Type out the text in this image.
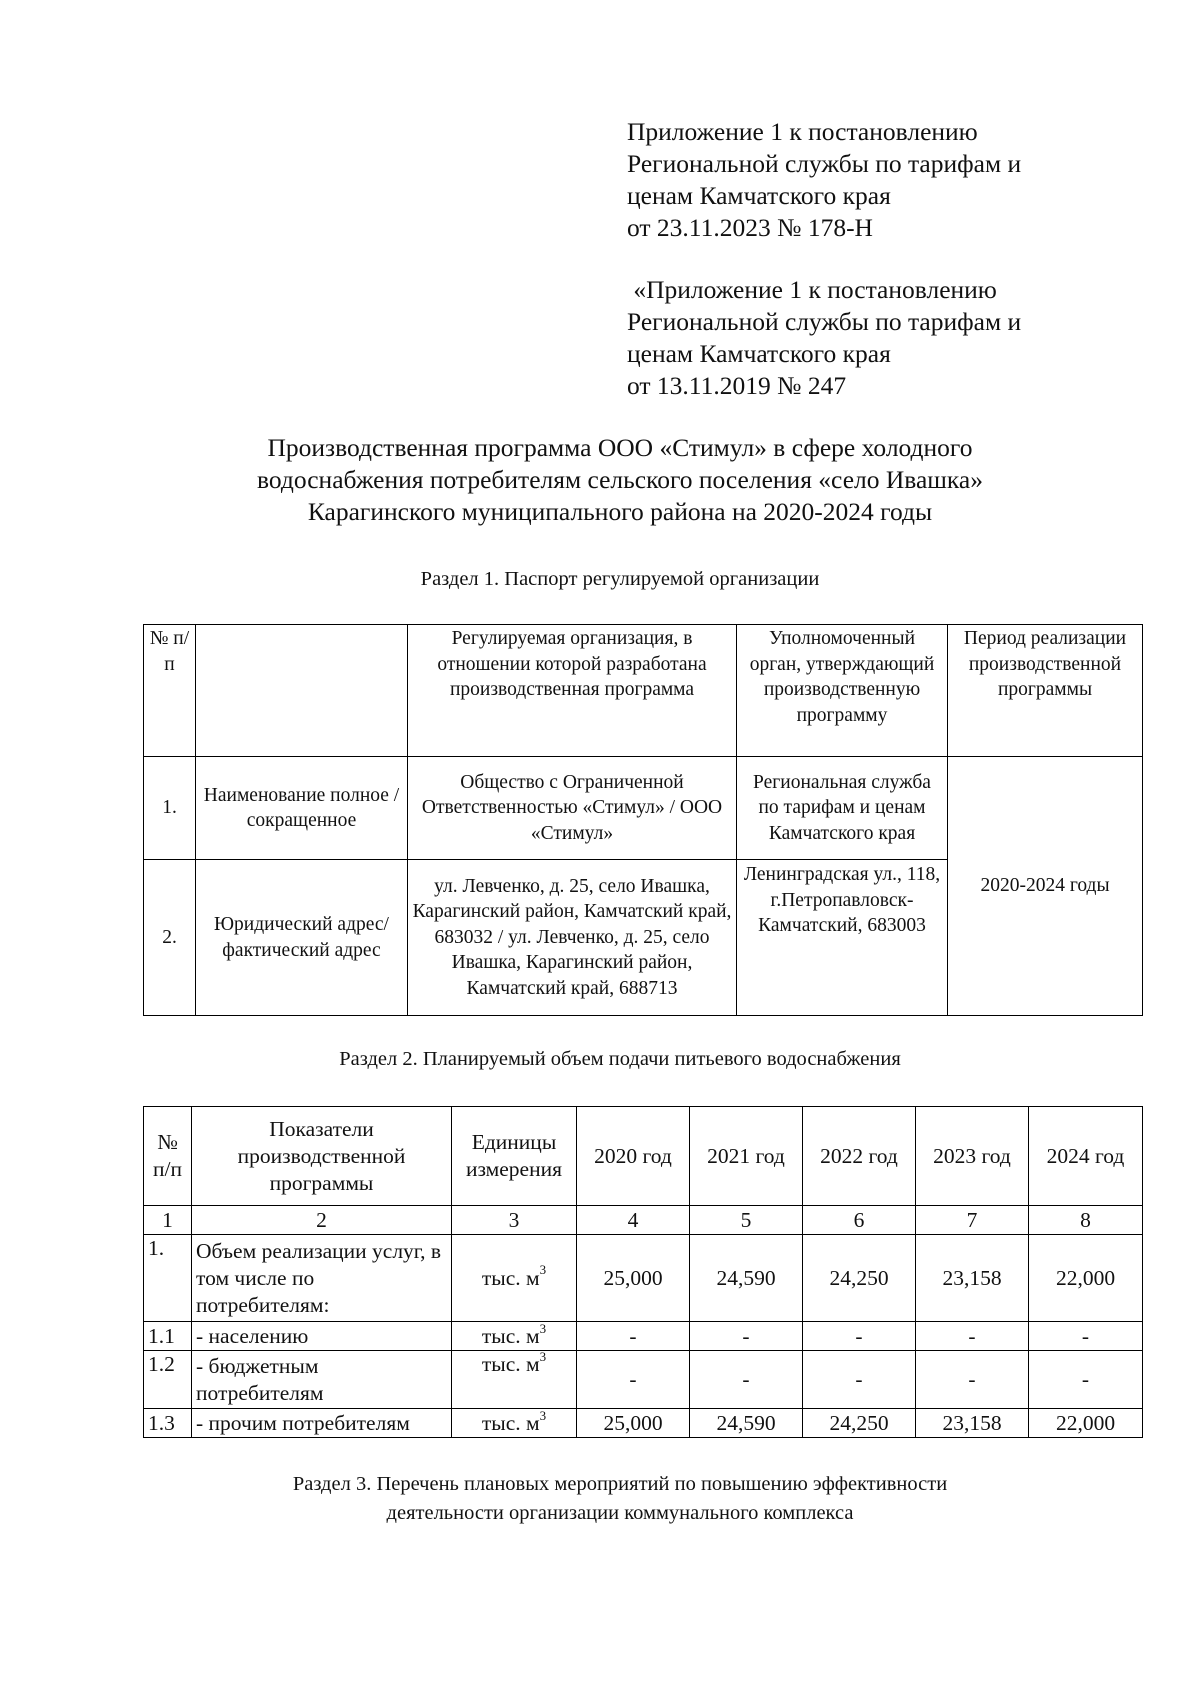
Приложение 1 к постановлению
Региональной службы по тарифам и
ценам Камчатского края
от 23.11.2023 № 178-Н
«Приложение 1 к постановлению
Региональной службы по тарифам и
ценам Камчатского края
от 13.11.2019 № 247
Производственная программа ООО «Стимул» в сфере холодного
водоснабжения потребителям сельского поселения «село Ивашка»
Карагинского муниципального района на 2020-2024 годы
Раздел 1. Паспорт регулируемой организации
№ п/п		Регулируемая организация, в отношении которой разработана производственная программа	Уполномоченный орган, утверждающий производственную программу	Период реализации производственной программы
1.	Наименование полное / сокращенное	Общество с Ограниченной Ответственностью «Стимул» / ООО «Стимул»	Региональная служба по тарифам и ценам Камчатского края	2020-2024 годы
2.	Юридический адрес/фактический адрес	ул. Левченко, д. 25, село Ивашка, Карагинский район, Камчатский край, 683032 / ул. Левченко, д. 25, село Ивашка, Карагинский район, Камчатский край, 688713	Ленинградская ул., 118, г.Петропавловск-Камчатский, 683003	
Раздел 2. Планируемый объем подачи питьевого водоснабжения
№ п/п	Показатели производственной программы	Единицы измерения	2020 год	2021 год	2022 год	2023 год	2024 год
1	2	3	4	5	6	7	8
1.	Объем реализации услуг, в том числе по потребителям:	тыс. $м^3$	25,000	24,590	24,250	23,158	22,000
1.1	- населению	тыс. $м^3$	-	-	-	-	-
1.2	- бюджетным потребителям	тыс. $м^3$	-	-	-	-	-
1.3	- прочим потребителям	тыс. $м^3$	25,000	24,590	24,250	23,158	22,000
Раздел 3. Перечень плановых мероприятий по повышению эффективности
деятельности организации коммунального комплекса
